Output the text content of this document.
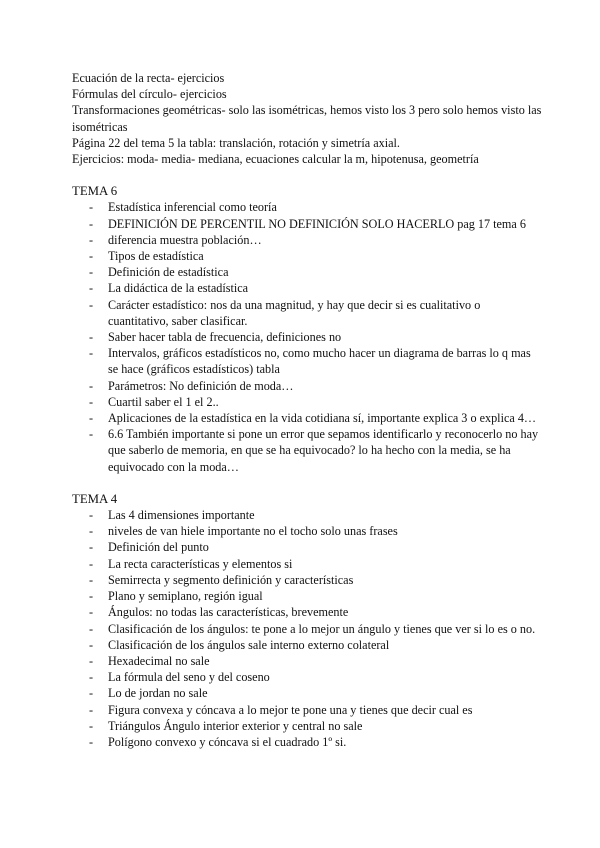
Ecuación de la recta- ejercicios

Fórmulas del círculo- ejercicios

Transformaciones geométricas- solo las isométricas, hemos visto los 3 pero solo hemos visto las isométricas

Página 22 del tema 5 la tabla: translación, rotación y simetría axial.

Ejercicios: moda- media- mediana, ecuaciones calcular la m, hipotenusa, geometría

TEMA 6

- Estadística inferencial como teoría
- DEFINICIÓN DE PERCENTIL NO DEFINICIÓN SOLO HACERLO pag 17 tema 6
- diferencia muestra población…
- Tipos de estadística
- Definición de estadística
- La didáctica de la estadística
- Carácter estadístico: nos da una magnitud, y hay que decir si es cualitativo o cuantitativo, saber clasificar.
- Saber hacer tabla de frecuencia, definiciones no
- Intervalos, gráficos estadísticos no, como mucho hacer un diagrama de barras lo q mas se hace (gráficos estadísticos) tabla
- Parámetros: No definición de moda…
- Cuartil saber el 1 el 2..
- Aplicaciones de la estadística en la vida cotidiana sí, importante explica 3 o explica 4…
- 6.6 También importante si pone un error que sepamos identificarlo y reconocerlo no hay que saberlo de memoria, en que se ha equivocado? lo ha hecho con la media, se ha equivocado con la moda…

TEMA 4

- Las 4 dimensiones importante
- niveles de van hiele importante no el tocho solo unas frases
- Definición del punto
- La recta características y elementos si
- Semirrecta y segmento definición y características
- Plano y semiplano, región igual
- Ángulos: no todas las características, brevemente
- Clasificación de los ángulos: te pone a lo mejor un ángulo y tienes que ver si lo es o no.
- Clasificación de los ángulos sale interno externo colateral
- Hexadecimal no sale
- La fórmula del seno y del coseno
- Lo de jordan no sale
- Figura convexa y cóncava a lo mejor te pone una y tienes que decir cual es
- Triángulos Ángulo interior exterior y central no sale
- Polígono convexo y cóncava si el cuadrado 1º si.
